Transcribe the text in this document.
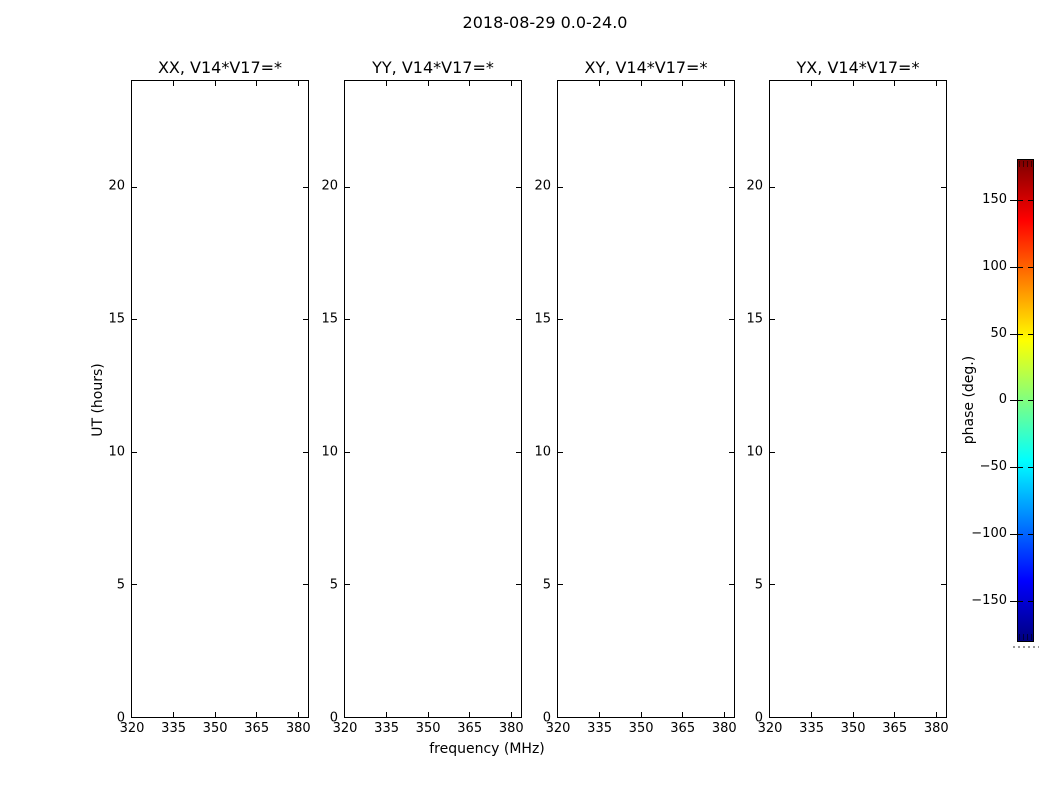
2018-08-29 0.0-24.0
XX, V14*V17=*
320 335 350 365 380
20
15
10
5
0
YY, V14*V17=*
320 335 350 365 380
20
15
10
5
0
XY, V14*V17=*
320 335 350 365 380
20
15
10
5
0
YX, V14*V17=*
320 335 350 365 380
20
15
10
5
0
UT (hours)
frequency (MHz)
phase (deg.)
150
100
50
0
−50
−100
−150
